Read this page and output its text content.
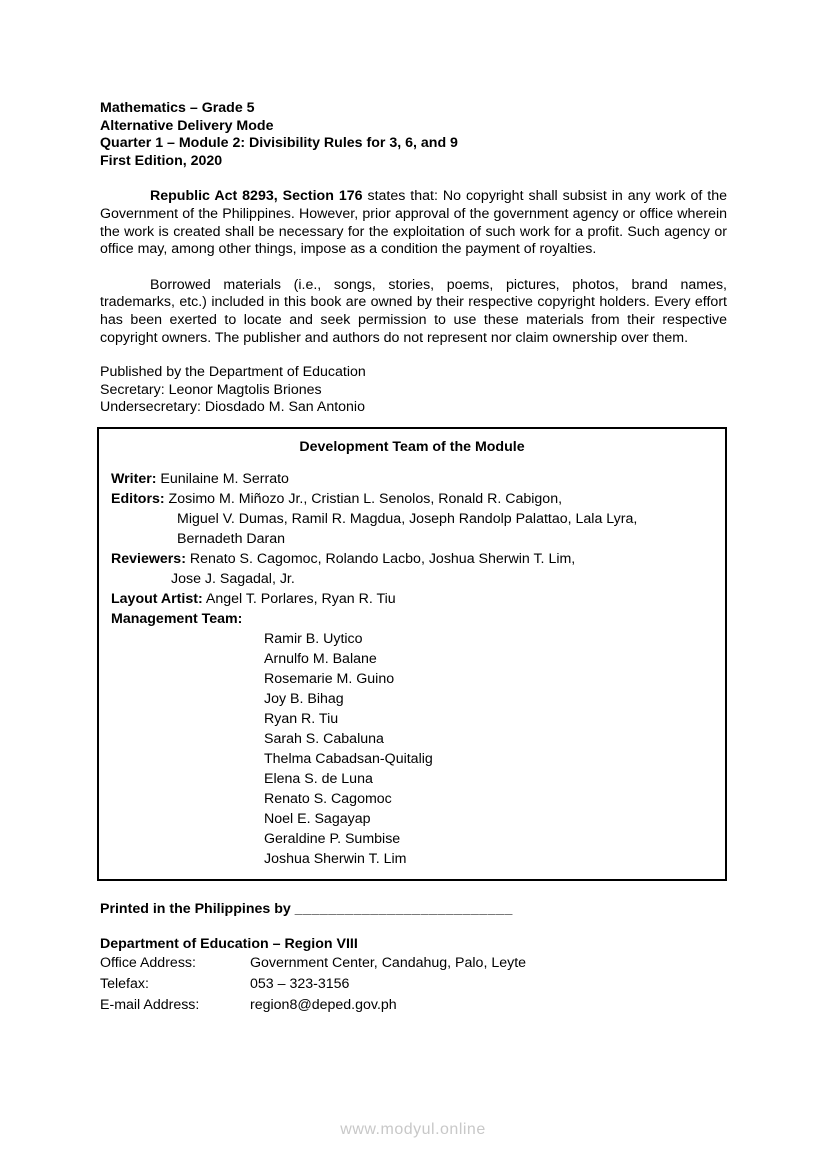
Mathematics – Grade 5
Alternative Delivery Mode
Quarter 1 – Module 2: Divisibility Rules for 3, 6, and 9
First Edition, 2020

Republic Act 8293, Section 176 states that: No copyright shall subsist in any work of the Government of the Philippines. However, prior approval of the government agency or office wherein the work is created shall be necessary for the exploitation of such work for a profit. Such agency or office may, among other things, impose as a condition the payment of royalties.

Borrowed materials (i.e., songs, stories, poems, pictures, photos, brand names, trademarks, etc.) included in this book are owned by their respective copyright holders. Every effort has been exerted to locate and seek permission to use these materials from their respective copyright owners. The publisher and authors do not represent nor claim ownership over them.

Published by the Department of Education
Secretary: Leonor Magtolis Briones
Undersecretary: Diosdado M. San Antonio
Development Team of the Module
Writer: Eunilaine M. Serrato
Editors: Zosimo M. Miñozo Jr., Cristian L. Senolos, Ronald R. Cabigon,
Miguel V. Dumas, Ramil R. Magdua, Joseph Randolp Palattao, Lala Lyra,
Bernadeth Daran
Reviewers: Renato S. Cagomoc, Rolando Lacbo, Joshua Sherwin T. Lim,
Jose J. Sagadal, Jr.
Layout Artist: Angel T. Porlares, Ryan R. Tiu
Management Team:
Ramir B. Uytico
Arnulfo M. Balane
Rosemarie M. Guino
Joy B. Bihag
Ryan R. Tiu
Sarah S. Cabaluna
Thelma Cabadsan-Quitalig
Elena S. de Luna
Renato S. Cagomoc
Noel E. Sagayap
Geraldine P. Sumbise
Joshua Sherwin T. Lim
Printed in the Philippines by __________________________
Department of Education – Region VIII
Office Address:	Government Center, Candahug, Palo, Leyte
Telefax:	053 – 323-3156
E-mail Address:	region8@deped.gov.ph
www.modyul.online
